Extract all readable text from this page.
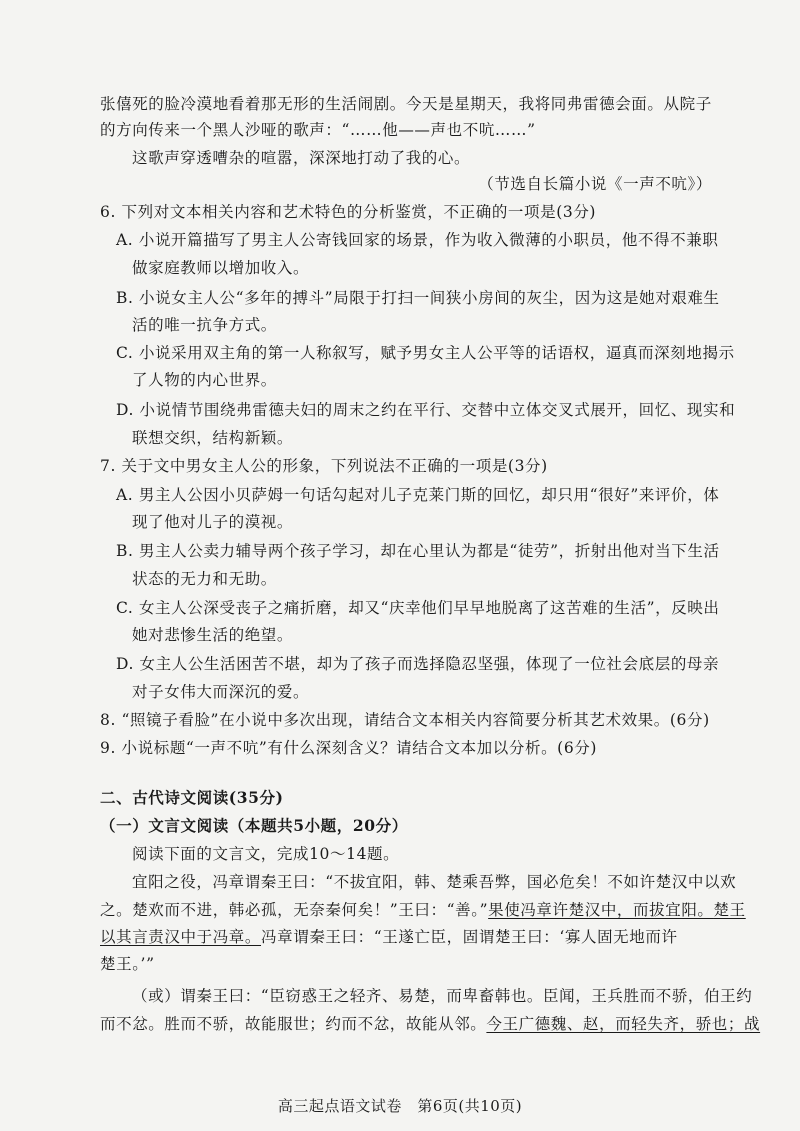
张僖死的脸冷漠地看着那无形的生活闹剧。今天是星期天，我将同弗雷德会面。从院子
的方向传来一个黑人沙哑的歌声：“……他——声也不吭……”
这歌声穿透嘈杂的喧嚣，深深地打动了我的心。
（节选自长篇小说《一声不吭》）
6. 下列对文本相关内容和艺术特色的分析鉴赏，不正确的一项是(3分)
A. 小说开篇描写了男主人公寄钱回家的场景，作为收入微薄的小职员，他不得不兼职
做家庭教师以增加收入。
B. 小说女主人公“多年的搏斗”局限于打扫一间狭小房间的灰尘，因为这是她对艰难生
活的唯一抗争方式。
C. 小说采用双主角的第一人称叙写，赋予男女主人公平等的话语权，逼真而深刻地揭示
了人物的内心世界。
D. 小说情节围绕弗雷德夫妇的周末之约在平行、交替中立体交叉式展开，回忆、现实和
联想交织，结构新颖。
7. 关于文中男女主人公的形象，下列说法不正确的一项是(3分)
A. 男主人公因小贝萨姆一句话勾起对儿子克莱门斯的回忆，却只用“很好”来评价，体
现了他对儿子的漠视。
B. 男主人公卖力辅导两个孩子学习，却在心里认为都是“徒劳”，折射出他对当下生活
状态的无力和无助。
C. 女主人公深受丧子之痛折磨，却又“庆幸他们早早地脱离了这苦难的生活”，反映出
她对悲惨生活的绝望。
D. 女主人公生活困苦不堪，却为了孩子而选择隐忍坚强，体现了一位社会底层的母亲
对子女伟大而深沉的爱。
8. “照镜子看脸”在小说中多次出现，请结合文本相关内容简要分析其艺术效果。(6分)
9. 小说标题“一声不吭”有什么深刻含义？请结合文本加以分析。(6分)
二、古代诗文阅读(35分)
（一）文言文阅读（本题共5小题，20分）
阅读下面的文言文，完成10～14题。
宜阳之役，冯章谓秦王曰：“不拔宜阳，韩、楚乘吾弊，国必危矣！不如许楚汉中以欢
之。楚欢而不进，韩必孤，无奈秦何矣！”王曰：“善。”果使冯章许楚汉中，而拔宜阳。楚王
以其言责汉中于冯章。冯章谓秦王曰：“王遂亡臣，固谓楚王曰：‘寡人固无地而许
楚王。’”
（或）谓秦王曰：“臣窃惑王之轻齐、易楚，而卑畜韩也。臣闻，王兵胜而不骄，伯王约
而不忿。胜而不骄，故能服世；约而不忿，故能从邻。今王广德魏、赵，而轻失齐，骄也；战
高三起点语文试卷　第6页(共10页)
